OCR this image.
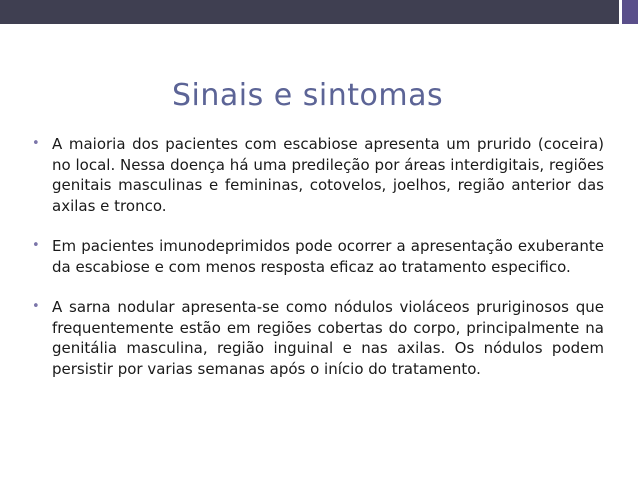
Sinais e sintomas

• A maioria dos pacientes com escabiose apresenta um prurido (coceira) no local. Nessa doença há uma predileção por áreas interdigitais, regiões genitais masculinas e femininas, cotovelos, joelhos, região anterior das axilas e tronco.

• Em pacientes imunodeprimidos pode ocorrer a apresentação exuberante da escabiose e com menos resposta eficaz ao tratamento especifico.

• A sarna nodular apresenta-se como nódulos violáceos pruriginosos que frequentemente estão em regiões cobertas do corpo, principalmente na genitália masculina, região inguinal e nas axilas. Os nódulos podem persistir por varias semanas após o início do tratamento.
